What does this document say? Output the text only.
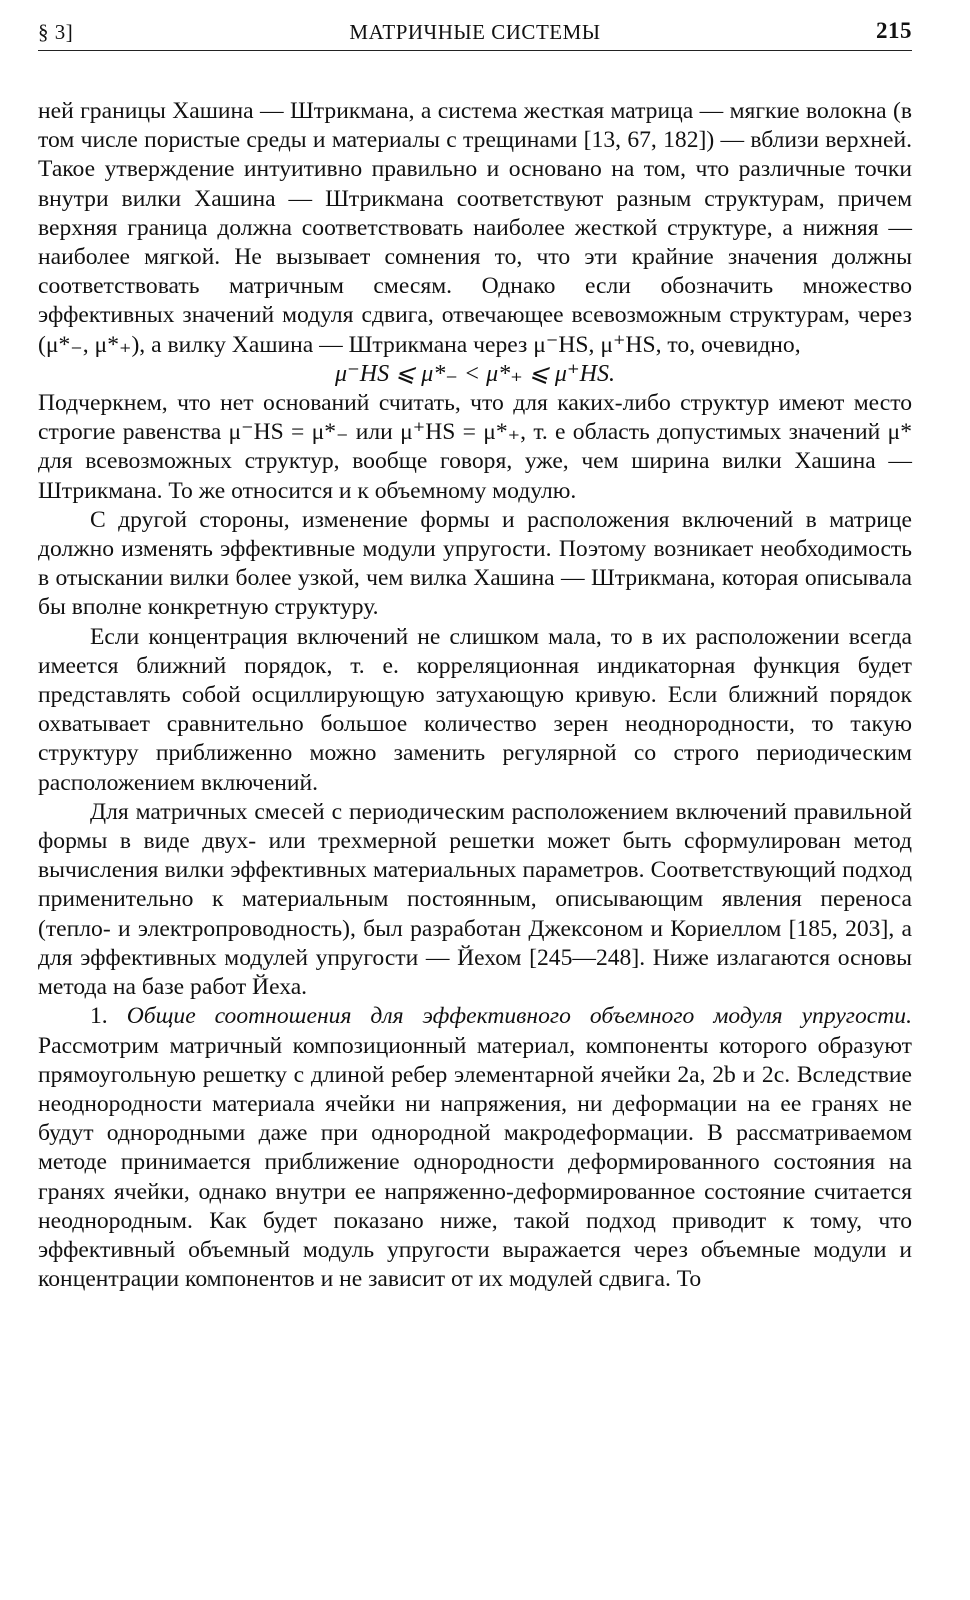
§ 3]	МАТРИЧНЫЕ СИСТЕМЫ	215

ней границы Хашина — Штрикмана, а система жесткая матрица — мягкие волокна (в том числе пористые среды и материалы с трещинами [13, 67, 182]) — вблизи верхней. Такое утверждение интуитивно правильно и основано на том, что различные точки внутри вилки Хашина — Штрикмана соответствуют разным структурам, причем верхняя граница должна соответствовать наиболее жесткой структуре, а нижняя — наиболее мягкой. Не вызывает сомнения то, что эти крайние значения должны соответствовать матричным смесям. Однако если обозначить множество эффективных значений модуля сдвига, отвечающее всевозможным структурам, через (μ*₋, μ*₊), а вилку Хашина — Штрикмана через μ⁻HS, μ⁺HS, то, очевидно,

μ⁻HS ⩽ μ*₋ < μ*₊ ⩽ μ⁺HS.

Подчеркнем, что нет оснований считать, что для каких-либо структур имеют место строгие равенства μ⁻HS = μ*₋ или μ⁺HS = μ*₊, т. е область допустимых значений μ* для всевозможных структур, вообще говоря, уже, чем ширина вилки Хашина — Штрикмана. То же относится и к объемному модулю.

С другой стороны, изменение формы и расположения включений в матрице должно изменять эффективные модули упругости. Поэтому возникает необходимость в отыскании вилки более узкой, чем вилка Хашина — Штрикмана, которая описывала бы вполне конкретную структуру.

Если концентрация включений не слишком мала, то в их расположении всегда имеется ближний порядок, т. е. корреляционная индикаторная функция будет представлять собой осциллирующую затухающую кривую. Если ближний порядок охватывает сравнительно большое количество зерен неоднородности, то такую структуру приближенно можно заменить регулярной со строго периодическим расположением включений.

Для матричных смесей с периодическим расположением включений правильной формы в виде двух- или трехмерной решетки может быть сформулирован метод вычисления вилки эффективных материальных параметров. Соответствующий подход применительно к материальным постоянным, описывающим явления переноса (тепло- и электропроводность), был разработан Джексоном и Кориеллом [185, 203], а для эффективных модулей упругости — Йехом [245—248]. Ниже излагаются основы метода на базе работ Йеха.

1. Общие соотношения для эффективного объемного модуля упругости. Рассмотрим матричный композиционный материал, компоненты которого образуют прямоугольную решетку с длиной ребер элементарной ячейки 2a, 2b и 2c. Вследствие неоднородности материала ячейки ни напряжения, ни деформации на ее гранях не будут однородными даже при однородной макродеформации. В рассматриваемом методе принимается приближение однородности деформированного состояния на гранях ячейки, однако внутри ее напряженно-деформированное состояние считается неоднородным. Как будет показано ниже, такой подход приводит к тому, что эффективный объемный модуль упругости выражается через объемные модули и концентрации компонентов и не зависит от их модулей сдвига. То
